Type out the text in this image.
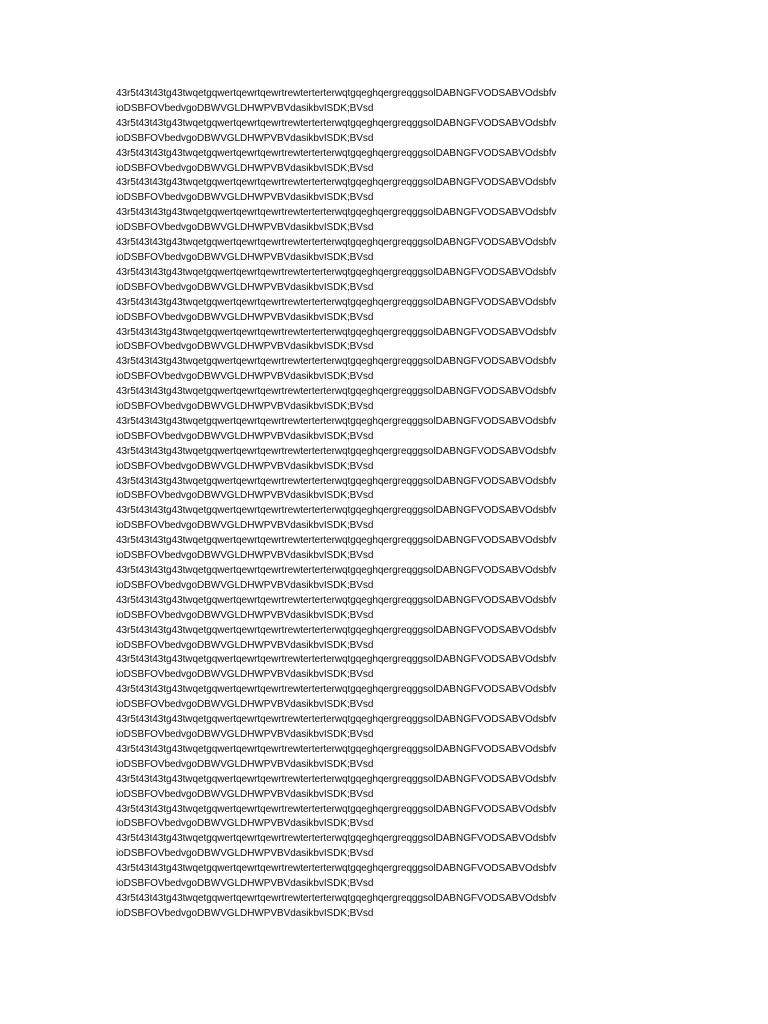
43r5t43t43tg43twqetgqwertqewrtqewrtrewterterterwqtgqeghqergreqggsolDABNGFVODSABVOdsbfv
ioDSBFOVbedvgoDBWVGLDHWPVBVdasikbvISDK;BVsd
43r5t43t43tg43twqetgqwertqewrtqewrtrewterterterwqtgqeghqergreqggsolDABNGFVODSABVOdsbfv
ioDSBFOVbedvgoDBWVGLDHWPVBVdasikbvISDK;BVsd
43r5t43t43tg43twqetgqwertqewrtqewrtrewterterterwqtgqeghqergreqggsolDABNGFVODSABVOdsbfv
ioDSBFOVbedvgoDBWVGLDHWPVBVdasikbvISDK;BVsd
43r5t43t43tg43twqetgqwertqewrtqewrtrewterterterwqtgqeghqergreqggsolDABNGFVODSABVOdsbfv
ioDSBFOVbedvgoDBWVGLDHWPVBVdasikbvISDK;BVsd
43r5t43t43tg43twqetgqwertqewrtqewrtrewterterterwqtgqeghqergreqggsolDABNGFVODSABVOdsbfv
ioDSBFOVbedvgoDBWVGLDHWPVBVdasikbvISDK;BVsd
43r5t43t43tg43twqetgqwertqewrtqewrtrewterterterwqtgqeghqergreqggsolDABNGFVODSABVOdsbfv
ioDSBFOVbedvgoDBWVGLDHWPVBVdasikbvISDK;BVsd
43r5t43t43tg43twqetgqwertqewrtqewrtrewterterterwqtgqeghqergreqggsolDABNGFVODSABVOdsbfv
ioDSBFOVbedvgoDBWVGLDHWPVBVdasikbvISDK;BVsd
43r5t43t43tg43twqetgqwertqewrtqewrtrewterterterwqtgqeghqergreqggsolDABNGFVODSABVOdsbfv
ioDSBFOVbedvgoDBWVGLDHWPVBVdasikbvISDK;BVsd
43r5t43t43tg43twqetgqwertqewrtqewrtrewterterterwqtgqeghqergreqggsolDABNGFVODSABVOdsbfv
ioDSBFOVbedvgoDBWVGLDHWPVBVdasikbvISDK;BVsd
43r5t43t43tg43twqetgqwertqewrtqewrtrewterterterwqtgqeghqergreqggsolDABNGFVODSABVOdsbfv
ioDSBFOVbedvgoDBWVGLDHWPVBVdasikbvISDK;BVsd
43r5t43t43tg43twqetgqwertqewrtqewrtrewterterterwqtgqeghqergreqggsolDABNGFVODSABVOdsbfv
ioDSBFOVbedvgoDBWVGLDHWPVBVdasikbvISDK;BVsd
43r5t43t43tg43twqetgqwertqewrtqewrtrewterterterwqtgqeghqergreqggsolDABNGFVODSABVOdsbfv
ioDSBFOVbedvgoDBWVGLDHWPVBVdasikbvISDK;BVsd
43r5t43t43tg43twqetgqwertqewrtqewrtrewterterterwqtgqeghqergreqggsolDABNGFVODSABVOdsbfv
ioDSBFOVbedvgoDBWVGLDHWPVBVdasikbvISDK;BVsd
43r5t43t43tg43twqetgqwertqewrtqewrtrewterterterwqtgqeghqergreqggsolDABNGFVODSABVOdsbfv
ioDSBFOVbedvgoDBWVGLDHWPVBVdasikbvISDK;BVsd
43r5t43t43tg43twqetgqwertqewrtqewrtrewterterterwqtgqeghqergreqggsolDABNGFVODSABVOdsbfv
ioDSBFOVbedvgoDBWVGLDHWPVBVdasikbvISDK;BVsd
43r5t43t43tg43twqetgqwertqewrtqewrtrewterterterwqtgqeghqergreqggsolDABNGFVODSABVOdsbfv
ioDSBFOVbedvgoDBWVGLDHWPVBVdasikbvISDK;BVsd
43r5t43t43tg43twqetgqwertqewrtqewrtrewterterterwqtgqeghqergreqggsolDABNGFVODSABVOdsbfv
ioDSBFOVbedvgoDBWVGLDHWPVBVdasikbvISDK;BVsd
43r5t43t43tg43twqetgqwertqewrtqewrtrewterterterwqtgqeghqergreqggsolDABNGFVODSABVOdsbfv
ioDSBFOVbedvgoDBWVGLDHWPVBVdasikbvISDK;BVsd
43r5t43t43tg43twqetgqwertqewrtqewrtrewterterterwqtgqeghqergreqggsolDABNGFVODSABVOdsbfv
ioDSBFOVbedvgoDBWVGLDHWPVBVdasikbvISDK;BVsd
43r5t43t43tg43twqetgqwertqewrtqewrtrewterterterwqtgqeghqergreqggsolDABNGFVODSABVOdsbfv
ioDSBFOVbedvgoDBWVGLDHWPVBVdasikbvISDK;BVsd
43r5t43t43tg43twqetgqwertqewrtqewrtrewterterterwqtgqeghqergreqggsolDABNGFVODSABVOdsbfv
ioDSBFOVbedvgoDBWVGLDHWPVBVdasikbvISDK;BVsd
43r5t43t43tg43twqetgqwertqewrtqewrtrewterterterwqtgqeghqergreqggsolDABNGFVODSABVOdsbfv
ioDSBFOVbedvgoDBWVGLDHWPVBVdasikbvISDK;BVsd
43r5t43t43tg43twqetgqwertqewrtqewrtrewterterterwqtgqeghqergreqggsolDABNGFVODSABVOdsbfv
ioDSBFOVbedvgoDBWVGLDHWPVBVdasikbvISDK;BVsd
43r5t43t43tg43twqetgqwertqewrtqewrtrewterterterwqtgqeghqergreqggsolDABNGFVODSABVOdsbfv
ioDSBFOVbedvgoDBWVGLDHWPVBVdasikbvISDK;BVsd
43r5t43t43tg43twqetgqwertqewrtqewrtrewterterterwqtgqeghqergreqggsolDABNGFVODSABVOdsbfv
ioDSBFOVbedvgoDBWVGLDHWPVBVdasikbvISDK;BVsd
43r5t43t43tg43twqetgqwertqewrtqewrtrewterterterwqtgqeghqergreqggsolDABNGFVODSABVOdsbfv
ioDSBFOVbedvgoDBWVGLDHWPVBVdasikbvISDK;BVsd
43r5t43t43tg43twqetgqwertqewrtqewrtrewterterterwqtgqeghqergreqggsolDABNGFVODSABVOdsbfv
ioDSBFOVbedvgoDBWVGLDHWPVBVdasikbvISDK;BVsd
43r5t43t43tg43twqetgqwertqewrtqewrtrewterterterwqtgqeghqergreqggsolDABNGFVODSABVOdsbfv
ioDSBFOVbedvgoDBWVGLDHWPVBVdasikbvISDK;BVsd
